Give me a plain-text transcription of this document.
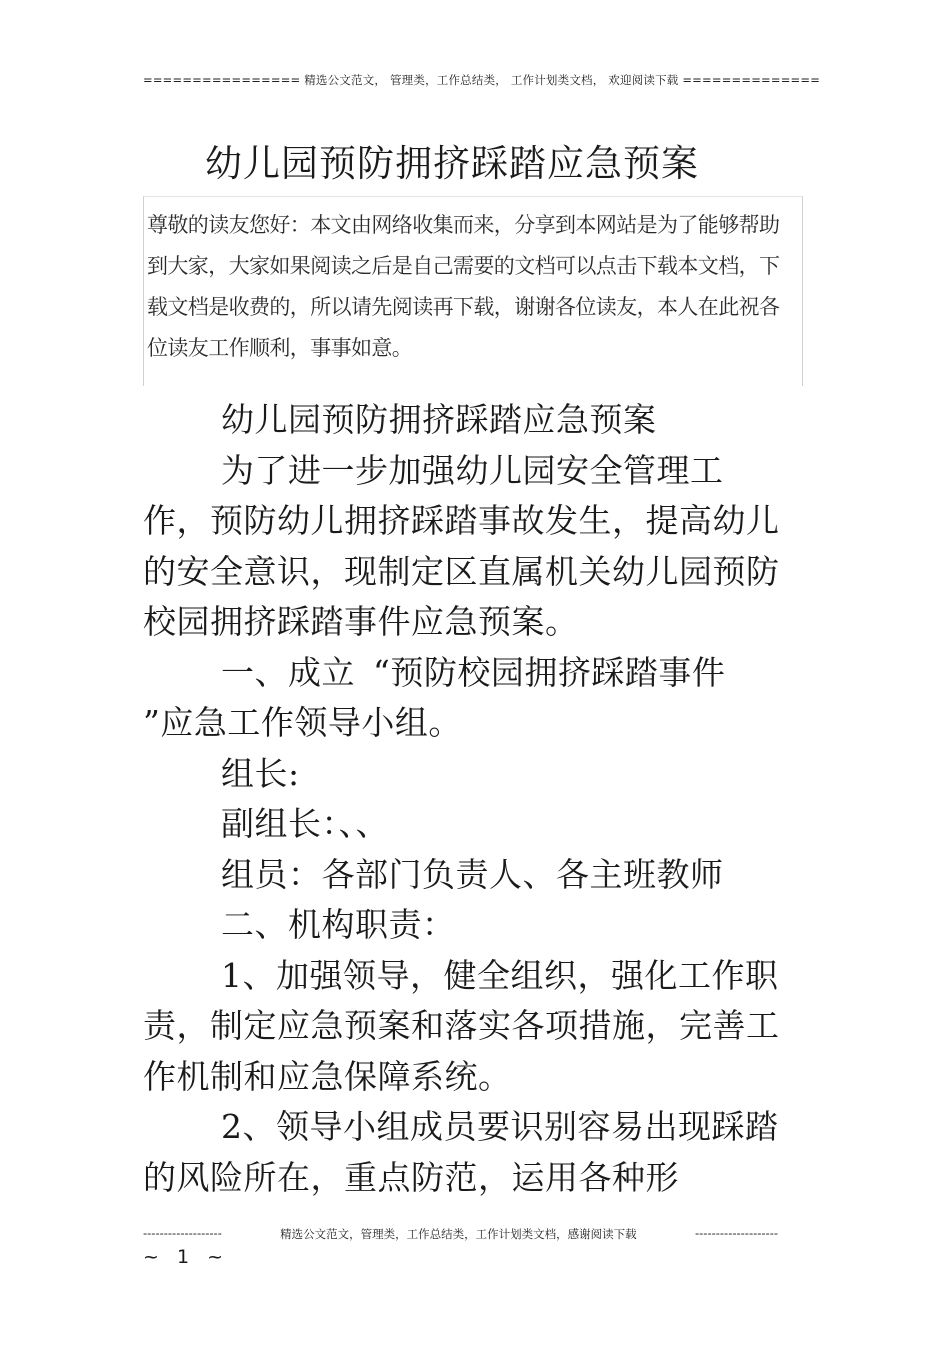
================ 精选公文范文， 管理类，工作总结类， 工作计划类文档， 欢迎阅读下载 ==============
幼儿园预防拥挤踩踏应急预案
尊敬的读友您好：本文由网络收集而来，分享到本网站是为了能够帮助到大家，大家如果阅读之后是自己需要的文档可以点击下载本文档，下载文档是收费的，所以请先阅读再下载，谢谢各位读友，本人在此祝各位读友工作顺利，事事如意。

幼儿园预防拥挤踩踏应急预案

为了进一步加强幼儿园安全管理工作，预防幼儿拥挤踩踏事故发生，提高幼儿的安全意识，现制定区直属机关幼儿园预防校园拥挤踩踏事件应急预案。

一、成立 “预防校园拥挤踩踏事件”应急工作领导小组。

组长:

副组长：、、

组员：各部门负责人、各主班教师

二、机构职责：

1、加强领导，健全组织，强化工作职责，制定应急预案和落实各项措施，完善工作机制和应急保障系统。

2、领导小组成员要识别容易出现踩踏的风险所在，重点防范，运用各种形

-------------------	精选公文范文，管理类，工作总结类，工作计划类文档，感谢阅读下载	--------------------
~ 1 ~
